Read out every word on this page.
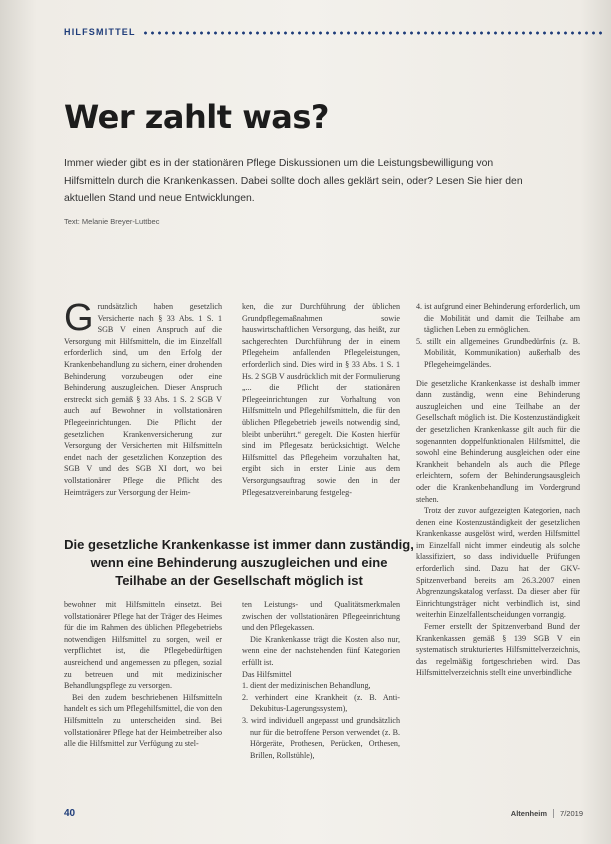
HILFSMITTEL
Wer zahlt was?

Immer wieder gibt es in der stationären Pflege Diskussionen um die Leistungsbewilligung von Hilfsmitteln durch die Krankenkassen. Dabei sollte doch alles geklärt sein, oder? Lesen Sie hier den aktuellen Stand und neue Entwicklungen.

Text: Melanie Breyer-Luttbec

Grundsätzlich haben gesetzlich Versicherte nach § 33 Abs. 1 S. 1 SGB V einen Anspruch auf die Versorgung mit Hilfsmitteln, die im Einzelfall erforderlich sind, um den Erfolg der Krankenbehandlung zu sichern, einer drohenden Behinderung vorzubeugen oder eine Behinderung auszugleichen. Dieser Anspruch erstreckt sich gemäß § 33 Abs. 1 S. 2 SGB V auch auf Bewohner in vollstationären Pflegeeinrichtungen. Die Pflicht der gesetzlichen Krankenversicherung zur Versorgung der Versicherten mit Hilfsmitteln endet nach der gesetzlichen Konzeption des SGB V und des SGB XI dort, wo bei vollstationärer Pflege die Pflicht des Heimträgers zur Versorgung der Heim-

ken, die zur Durchführung der üblichen Grundpflegemaßnahmen sowie hauswirtschaftlichen Versorgung, das heißt, zur sachgerechten Durchführung der in einem Pflegeheim anfallenden Pflegeleistungen, erforderlich sind. Dies wird in § 33 Abs. 1 S. 1 Hs. 2 SGB V ausdrücklich mit der Formulierung „... die Pflicht der stationären Pflegeeinrichtungen zur Vorhaltung von Hilfsmitteln und Pflegehilfsmitteln, die für den üblichen Pflegebetrieb jeweils notwendig sind, bleibt unberührt.“ geregelt. Die Kosten hierfür sind im Pflegesatz berücksichtigt. Welche Hilfsmittel das Pflegeheim vorzuhalten hat, ergibt sich in erster Linie aus dem Versorgungsauftrag sowie den in der Pflegesatzvereinbarung festgeleg-

4. ist aufgrund einer Behinderung erforderlich, um die Mobilität und damit die Teilhabe am täglichen Leben zu ermöglichen.
5. stillt ein allgemeines Grundbedürfnis (z. B. Mobilität, Kommunikation) außerhalb des Pflegeheimgeländes.

Die gesetzliche Krankenkasse ist deshalb immer dann zuständig, wenn eine Behinderung auszugleichen und eine Teilhabe an der Gesellschaft möglich ist. Die Kostenzuständigkeit der gesetzlichen Krankenkasse gilt auch für die sogenannten doppelfunktionalen Hilfsmittel, die sowohl eine Behinderung ausgleichen oder eine Krankheit behandeln als auch die Pflege erleichtern, sofern der Behinderungsausgleich oder die Krankenbehandlung im Vordergrund stehen.

Trotz der zuvor aufgezeigten Kategorien, nach denen eine Kostenzuständigkeit der gesetzlichen Krankenkasse ausgelöst wird, werden Hilfsmittel im Einzelfall nicht immer eindeutig als solche klassifiziert, so dass individuelle Prüfungen erforderlich sind. Dazu hat der GKV-Spitzenverband bereits am 26.3.2007 einen Abgrenzungskatalog verfasst. Da dieser aber für Einrichtungsträger nicht verbindlich ist, sind weiterhin Einzelfallentscheidungen vorrangig.

Ferner erstellt der Spitzenverband Bund der Krankenkassen gemäß § 139 SGB V ein systematisch strukturiertes Hilfsmittelverzeichnis, das regelmäßig fortgeschrieben wird. Das Hilfsmittelverzeichnis stellt eine unverbindliche

Die gesetzliche Krankenkasse ist immer dann zuständig, wenn eine Behinderung auszugleichen und eine Teilhabe an der Gesellschaft möglich ist

bewohner mit Hilfsmitteln einsetzt. Bei vollstationärer Pflege hat der Träger des Heimes für die im Rahmen des üblichen Pflegebetriebs notwendigen Hilfsmittel zu sorgen, weil er verpflichtet ist, die Pflegebedürftigen ausreichend und angemessen zu pflegen, sozial zu betreuen und mit medizinischer Behandlungspflege zu versorgen.

Bei den zudem beschriebenen Hilfsmitteln handelt es sich um Pflegehilfsmittel, die von den Hilfsmitteln zu unterscheiden sind. Bei vollstationärer Pflege hat der Heimbetreiber also alle die Hilfsmittel zur Verfügung zu stel-

ten Leistungs- und Qualitätsmerkmalen zwischen der vollstationären Pflegeeinrichtung und den Pflegekassen.

Die Krankenkasse trägt die Kosten also nur, wenn eine der nachstehenden fünf Kategorien erfüllt ist.

Das Hilfsmittel

1. dient der medizinischen Behandlung,
2. verhindert eine Krankheit (z. B. Anti-Dekubitus-Lagerungssystem),
3. wird individuell angepasst und grundsätzlich nur für die betroffene Person verwendet (z. B. Hörgeräte, Prothesen, Perücken, Orthesen, Brillen, Rollstühle),
40	Altenheim 7/2019
